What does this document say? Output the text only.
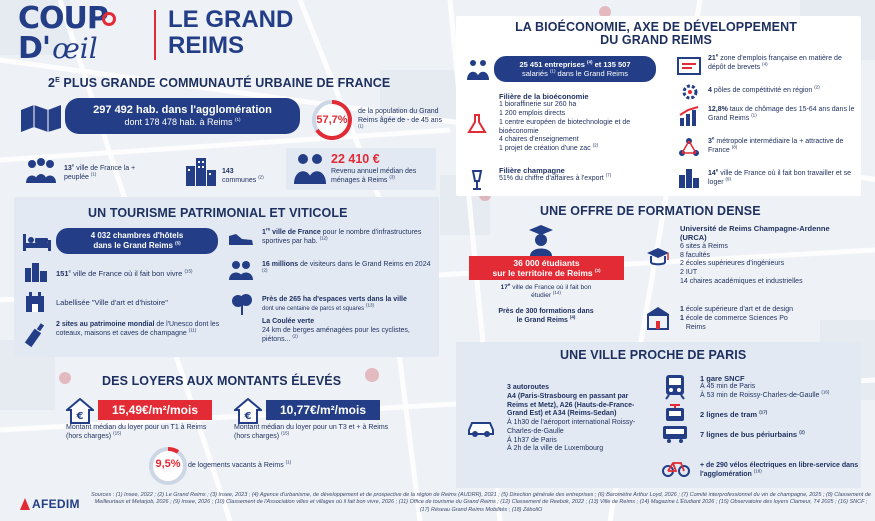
COUP
D' œil
LE GRAND
REIMS
$2^E$ PLUS GRANDE COMMUNAUTÉ URBAINE DE FRANCE
297 492 hab. dans l'agglomération
dont 178 478 hab. à Reims $^{(1)}$	57,7%
de la population du Grand Reims âgée de - de 45 ans $^{(1)}$
13e ville de France la + peuplée $^{(1)}$	143
communes $^{(2)}$
22 410 €
Revenu annuel médian des ménages à Reims $^{(3)}$
UN TOURISME PATRIMONIAL ET VITICOLE
4 032 chambres d'hôtels
dans le Grand Reims $^{(5)}$
151e ville de France où il fait bon vivre $^{(15)}$
Labellisée "Ville d'art et d'histoire"
2 sites au patrimoine mondial de l'Unesco dont les coteaux, maisons et caves de champagne $^{(11)}$
1re ville de France pour le nombre d'infrastructures sportives par hab. $^{(12)}$
16 millions de visiteurs dans le Grand Reims en 2024 $^{(2)}$
Près de 265 ha d'espaces verts dans la ville
dont une centaine de parcs et squares $^{(13)}$
La Coulée verte
24 km de berges aménagées pour les cyclistes, piétons... $^{(2)}$
DES LOYERS AUX MONTANTS ÉLEVÉS
€	15,49€/m²/mois
Montant médian du loyer pour un T1 à Reims (hors charges) $^{(15)}$
€	10,77€/m²/mois
Montant médian du loyer pour un T3 et + à Reims (hors charges) $^{(15)}$
9,5%	de logements vacants à Reims $^{(1)}$
LA BIOÉCONOMIE, AXE DE DÉVELOPPEMENT
DU GRAND REIMS
25 451 entreprises $^{(4)}$ et 135 507
salariés $^{(1)}$ dans le Grand Reims
Filière de la bioéconomie
1 bioraffinerie sur 260 ha
1 200 emplois directs
1 centre européen de biotechnologie et de bioéconomie
4 chaires d'enseignement
1 projet de création d'une zac $^{(2)}$
Filière champagne
51% du chiffre d'affaires à l'export $^{(7)}$
21e zone d'emplois française en matière de dépôt de brevets $^{(4)}$
4 pôles de compétitivité en région $^{(2)}$
12,8% taux de chômage des 15-64 ans dans le Grand Reims $^{(1)}$
3e métropole intermédiaire la + attractive de France $^{(8)}$
14e ville de France où il fait bon travailler et se loger $^{(9)}$
UNE OFFRE DE FORMATION DENSE
36 000 étudiants
sur le territoire de Reims $^{(2)}$
17e ville de France où il fait bon étudier $^{(14)}$
Près de 300 formations dans le Grand Reims $^{(4)}$
Université de Reims Champagne-Ardenne (URCA)
6 sites à Reims
8 facultés
2 écoles supérieures d'ingénieurs
2 IUT
14 chaires académiques et industrielles
1 école supérieure d'art et de design
1 école de commerce Sciences Po Reims
UNE VILLE PROCHE DE PARIS
3 autoroutes
A4 (Paris-Strasbourg en passant par Reims et Metz), A26 (Hauts-de-France-Grand Est) et A34 (Reims-Sedan)
À 1h30 de l'aéroport international Roissy-Charles-de-Gaulle
À 1h37 de Paris
À 2h de la ville de Luxembourg
1 gare SNCF
À 45 min de Paris
À 53 min de Roissy-Charles-de-Gaulle $^{(16)}$
2 lignes de tram $^{(17)}$
7 lignes de bus périurbains $^{(2)}$
+ de 290 vélos électriques en libre-service dans l'agglomération $^{(18)}$
AFEDIM
Sources : (1) Insee, 2022 ; (2) Le Grand Reims ; (3) Insee, 2023 ; (4) Agence d'urbanisme, de développement et de prospective de la région de Reims (AUDRR), 2021 ; (5) Direction générale des entreprises ; (6) Baromètre Arthur Loyd, 2026 ; (7) Comité interprofessionnel du vin de champagne, 2025 ; (8) Classement de Meilleurtaux et Metarjob, 2026 ; (9) Insee, 2026 ; (10) Classement de l'Association villes et villages où il fait bon vivre, 2026 ; (11) Office de tourisme du Grand Reims ; (12) Classement de Reebok, 2022 ; (13) Ville de Reims ; (14) Magazine L'Étudiant 2026 ; (15) Observatoire des loyers Clameur, T4 2025 ; (16) SNCF ; (17) Réseau Grand Reims Mobilités ; (18) ZéboliO
